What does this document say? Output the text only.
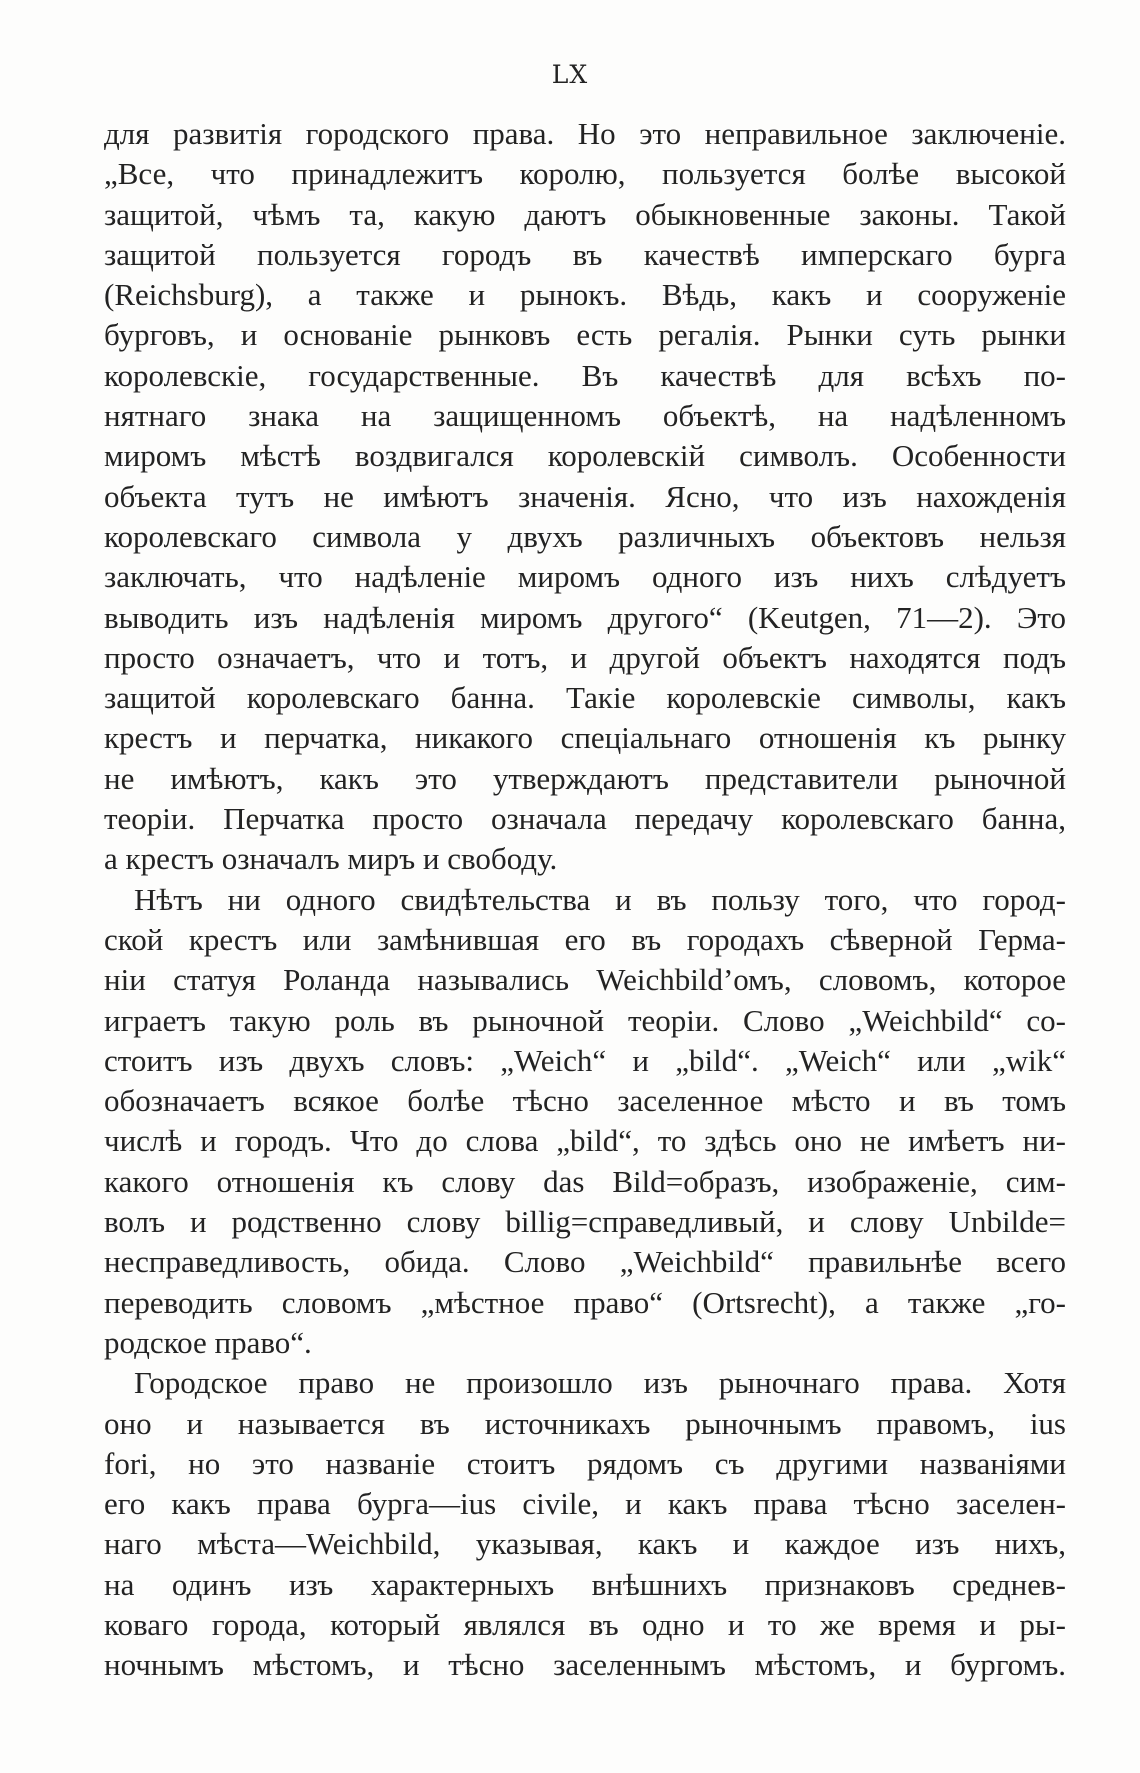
LX
для развитія городского права. Но это неправильное заключеніе.
„Все, что принадлежитъ королю, пользуется болѣе высокой
защитой, чѣмъ та, какую даютъ обыкновенные законы. Такой
защитой пользуется городъ въ качествѣ имперскаго бурга
(Reichsburg), а также и рынокъ. Вѣдь, какъ и сооруженіе
бурговъ, и основаніе рынковъ есть регалія. Рынки суть рынки
королевскіе, государственные. Въ качествѣ для всѣхъ по-
нятнаго знака на защищенномъ объектѣ, на надѣленномъ
миромъ мѣстѣ воздвигался королевскій символъ. Особенности
объекта тутъ не имѣютъ значенія. Ясно, что изъ нахожденія
королевскаго символа у двухъ различныхъ объектовъ нельзя
заключать, что надѣленіе миромъ одного изъ нихъ слѣдуетъ
выводить изъ надѣленія миромъ другого“ (Keutgen, 71—2). Это
просто означаетъ, что и тотъ, и другой объектъ находятся подъ
защитой королевскаго банна. Такіе королевскіе символы, какъ
крестъ и перчатка, никакого спеціальнаго отношенія къ рынку
не имѣютъ, какъ это утверждаютъ представители рыночной
теоріи. Перчатка просто означала передачу королевскаго банна,
а крестъ означалъ миръ и свободу.
Нѣтъ ни одного свидѣтельства и въ пользу того, что город-
ской крестъ или замѣнившая его въ городахъ сѣверной Герма-
ніи статуя Роланда назывались Weichbild’омъ, словомъ, которое
играетъ такую роль въ рыночной теоріи. Слово „Weichbild“ со-
стоитъ изъ двухъ словъ: „Weich“ и „bild“. „Weich“ или „wik“
обозначаетъ всякое болѣе тѣсно заселенное мѣсто и въ томъ
числѣ и городъ. Что до слова „bild“, то здѣсь оно не имѣетъ ни-
какого отношенія къ слову das Bild=образъ, изображеніе, сим-
волъ и родственно слову billig=справедливый, и слову Unbilde=
несправедливость, обида. Слово „Weichbild“ правильнѣе всего
переводить словомъ „мѣстное право“ (Ortsrecht), а также „го-
родское право“.
Городское право не произошло изъ рыночнаго права. Хотя
оно и называется въ источникахъ рыночнымъ правомъ, ius
fori, но это названіе стоитъ рядомъ съ другими названіями
его какъ права бурга—ius civile, и какъ права тѣсно заселен-
наго мѣста—Weichbild, указывая, какъ и каждое изъ нихъ,
на одинъ изъ характерныхъ внѣшнихъ признаковъ среднев-
коваго города, который являлся въ одно и то же время и ры-
ночнымъ мѣстомъ, и тѣсно заселеннымъ мѣстомъ, и бургомъ.
